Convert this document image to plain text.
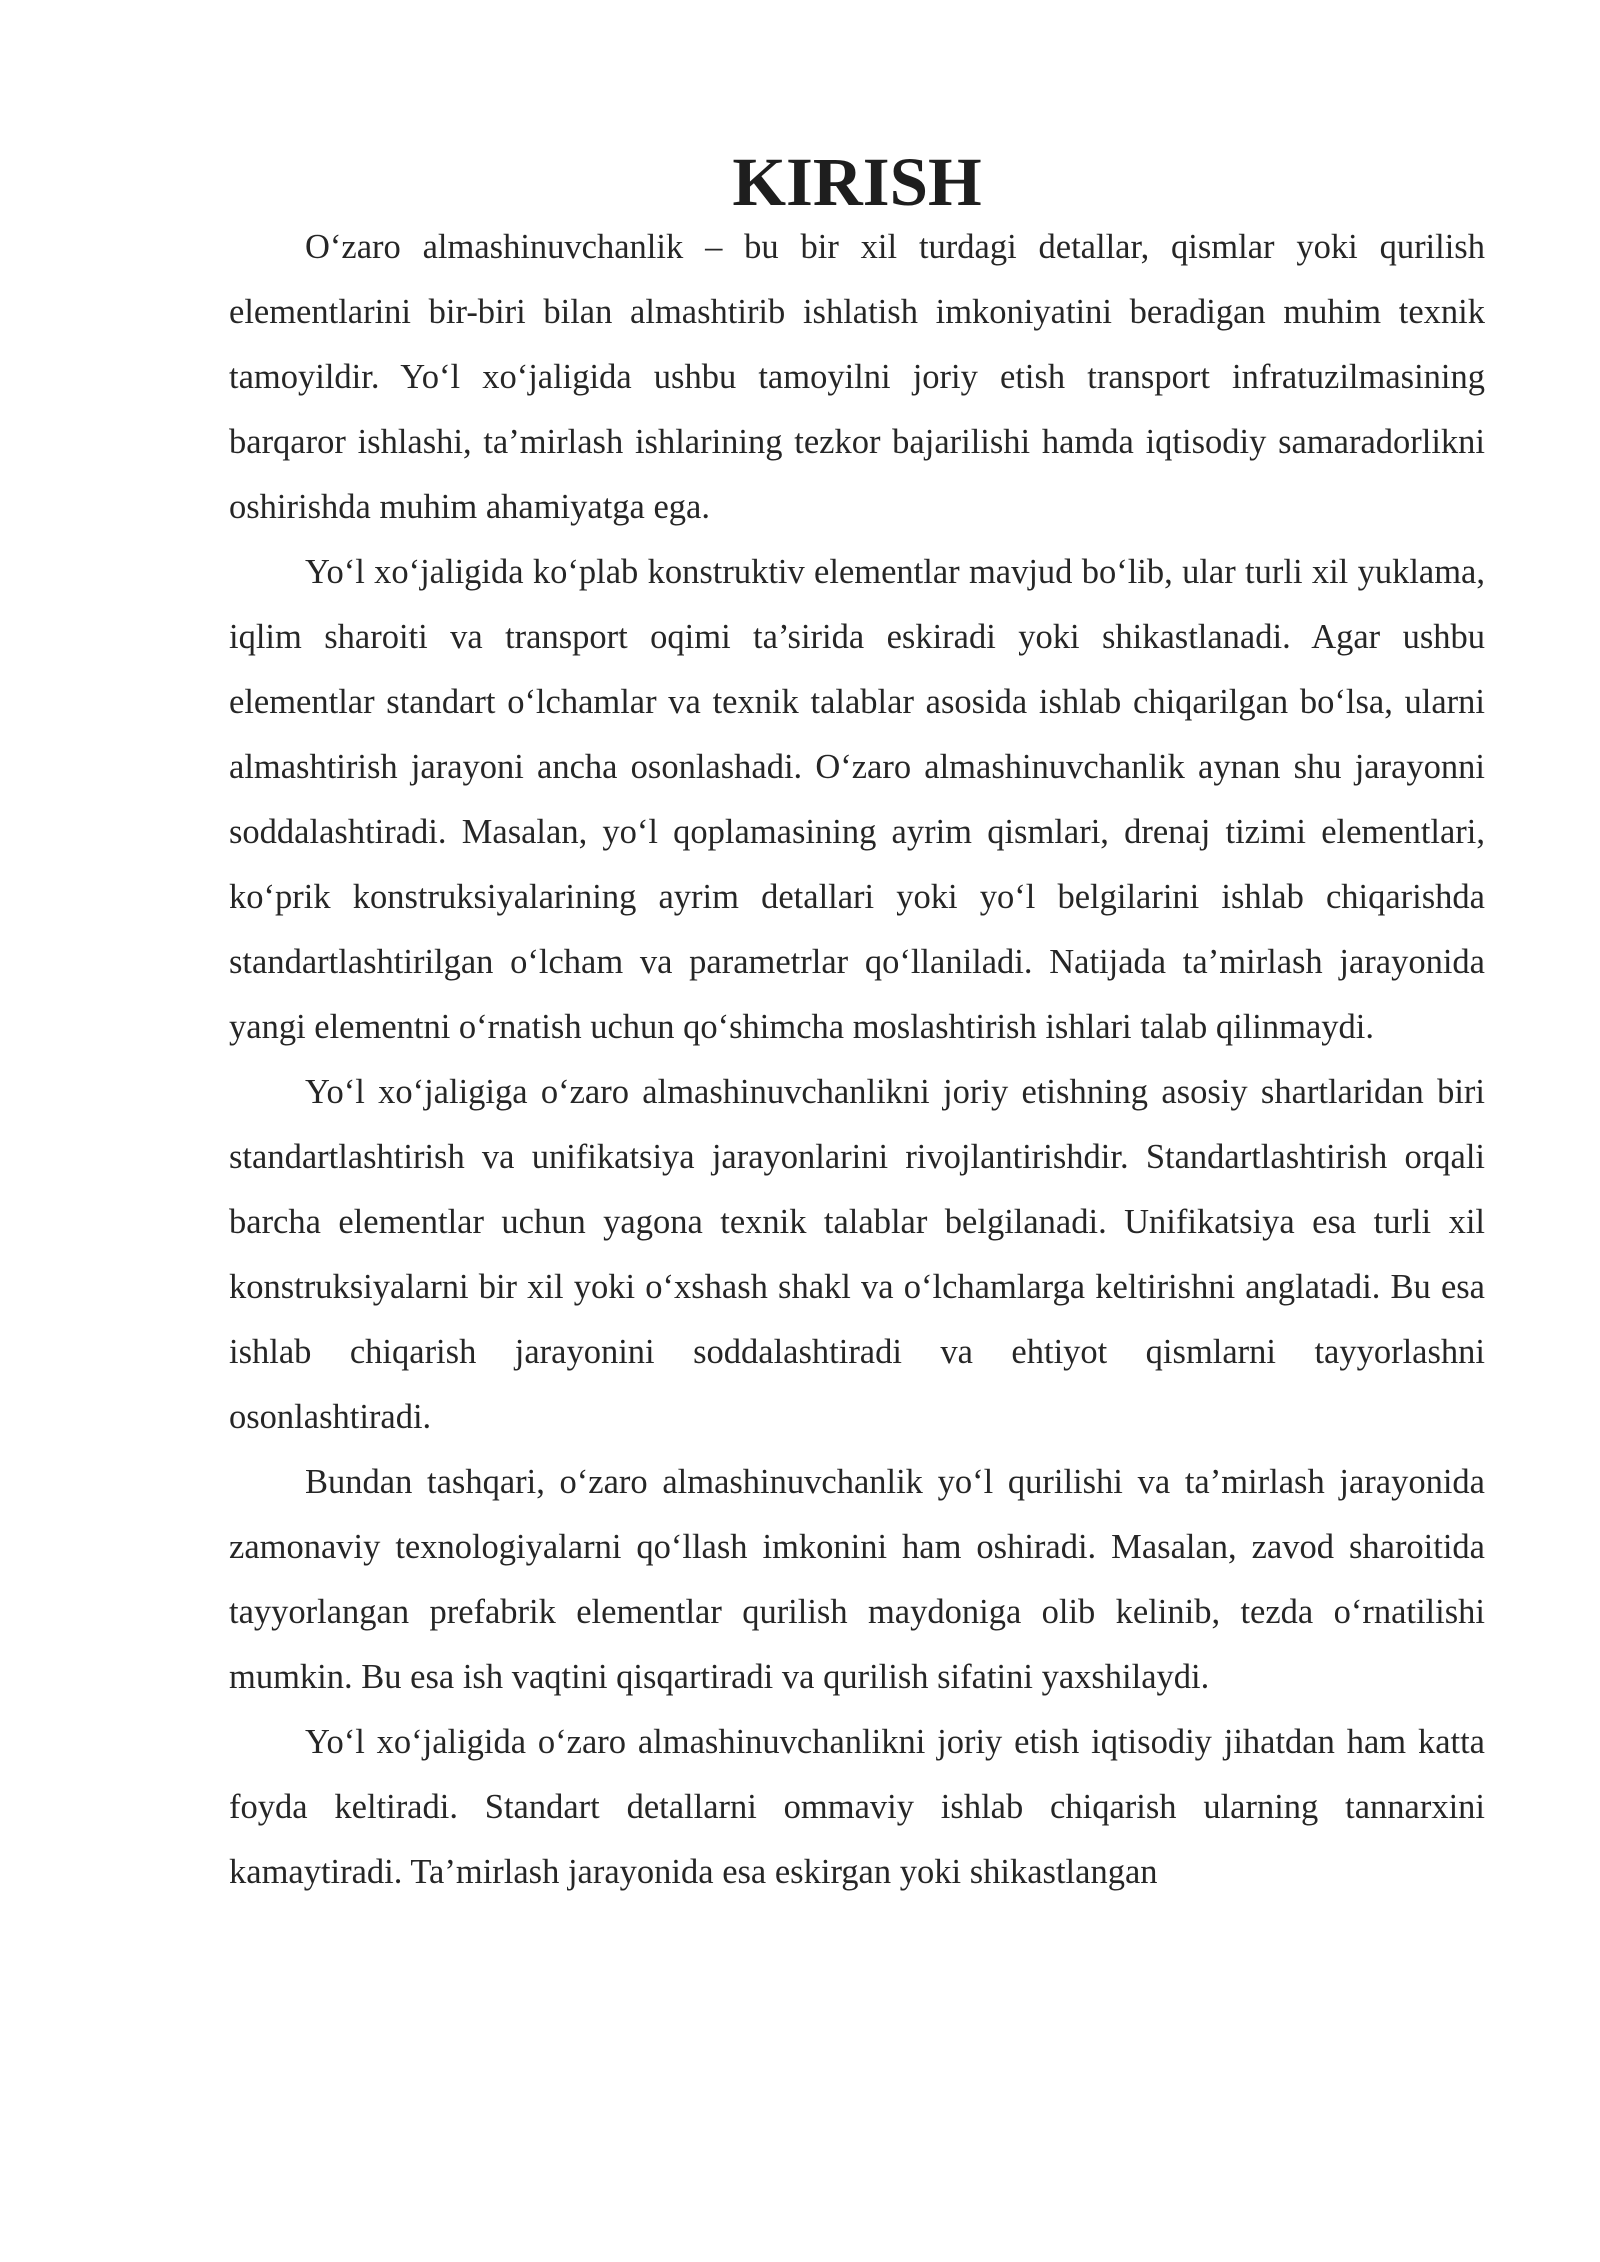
KIRISH

O‘zaro almashinuvchanlik – bu bir xil turdagi detallar, qismlar yoki qurilish elementlarini bir-biri bilan almashtirib ishlatish imkoniyatini beradigan muhim texnik tamoyildir. Yo‘l xo‘jaligida ushbu tamoyilni joriy etish transport infratuzilmasining barqaror ishlashi, ta’mirlash ishlarining tezkor bajarilishi hamda iqtisodiy samaradorlikni oshirishda muhim ahamiyatga ega.

Yo‘l xo‘jaligida ko‘plab konstruktiv elementlar mavjud bo‘lib, ular turli xil yuklama, iqlim sharoiti va transport oqimi ta’sirida eskiradi yoki shikastlanadi. Agar ushbu elementlar standart o‘lchamlar va texnik talablar asosida ishlab chiqarilgan bo‘lsa, ularni almashtirish jarayoni ancha osonlashadi. O‘zaro almashinuvchanlik aynan shu jarayonni soddalashtiradi. Masalan, yo‘l qoplamasining ayrim qismlari, drenaj tizimi elementlari, ko‘prik konstruksiyalarining ayrim detallari yoki yo‘l belgilarini ishlab chiqarishda standartlashtirilgan o‘lcham va parametrlar qo‘llaniladi. Natijada ta’mirlash jarayonida yangi elementni o‘rnatish uchun qo‘shimcha moslashtirish ishlari talab qilinmaydi.

Yo‘l xo‘jaligiga o‘zaro almashinuvchanlikni joriy etishning asosiy shartlaridan biri standartlashtirish va unifikatsiya jarayonlarini rivojlantirishdir. Standartlashtirish orqali barcha elementlar uchun yagona texnik talablar belgilanadi. Unifikatsiya esa turli xil konstruksiyalarni bir xil yoki o‘xshash shakl va o‘lchamlarga keltirishni anglatadi. Bu esa ishlab chiqarish jarayonini soddalashtiradi va ehtiyot qismlarni tayyorlashni osonlashtiradi.

Bundan tashqari, o‘zaro almashinuvchanlik yo‘l qurilishi va ta’mirlash jarayonida zamonaviy texnologiyalarni qo‘llash imkonini ham oshiradi. Masalan, zavod sharoitida tayyorlangan prefabrik elementlar qurilish maydoniga olib kelinib, tezda o‘rnatilishi mumkin. Bu esa ish vaqtini qisqartiradi va qurilish sifatini yaxshilaydi.

Yo‘l xo‘jaligida o‘zaro almashinuvchanlikni joriy etish iqtisodiy jihatdan ham katta foyda keltiradi. Standart detallarni ommaviy ishlab chiqarish ularning tannarxini kamaytiradi. Ta’mirlash jarayonida esa eskirgan yoki shikastlangan
